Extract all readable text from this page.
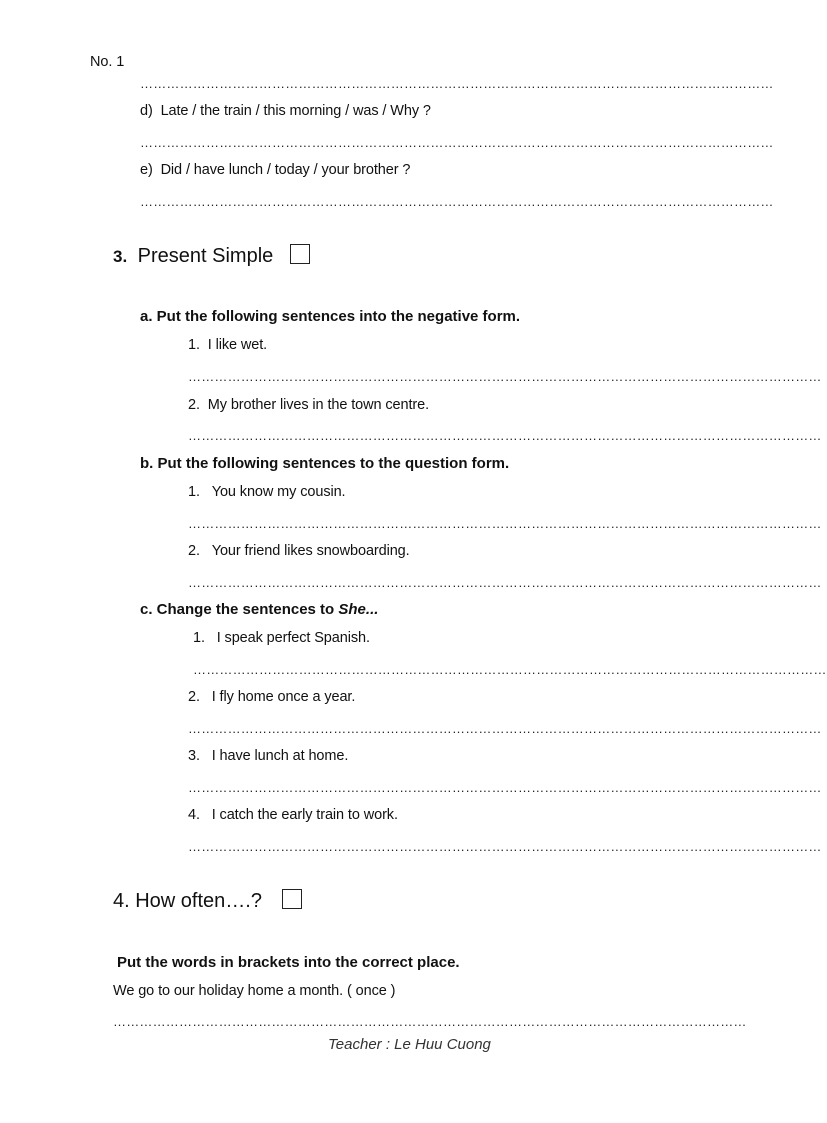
No. 1
………………………………………………………………………………………………………………………………
d) Late / the train / this morning / was / Why ?
………………………………………………………………………………………………………………………………
e) Did / have lunch / today / your brother ?
………………………………………………………………………………………………………………………………
3. Present Simple
a. Put the following sentences into the negative form.
1. I like wet.
………………………………………………………………………………………………………………………………
2. My brother lives in the town centre.
………………………………………………………………………………………………………………………………
b. Put the following sentences to the question form.
1. You know my cousin.
………………………………………………………………………………………………………………………………
2. Your friend likes snowboarding.
………………………………………………………………………………………………………………………………
c. Change the sentences to She...
1. I speak perfect Spanish.
………………………………………………………………………………………………………………………………
2. I fly home once a year.
………………………………………………………………………………………………………………………………
3. I have lunch at home.
………………………………………………………………………………………………………………………………
4. I catch the early train to work.
………………………………………………………………………………………………………………………………
4. How often….?
Put the words in brackets into the correct place.
We go to our holiday home a month. ( once )
………………………………………………………………………………………………………………………………
Teacher : Le Huu Cuong
